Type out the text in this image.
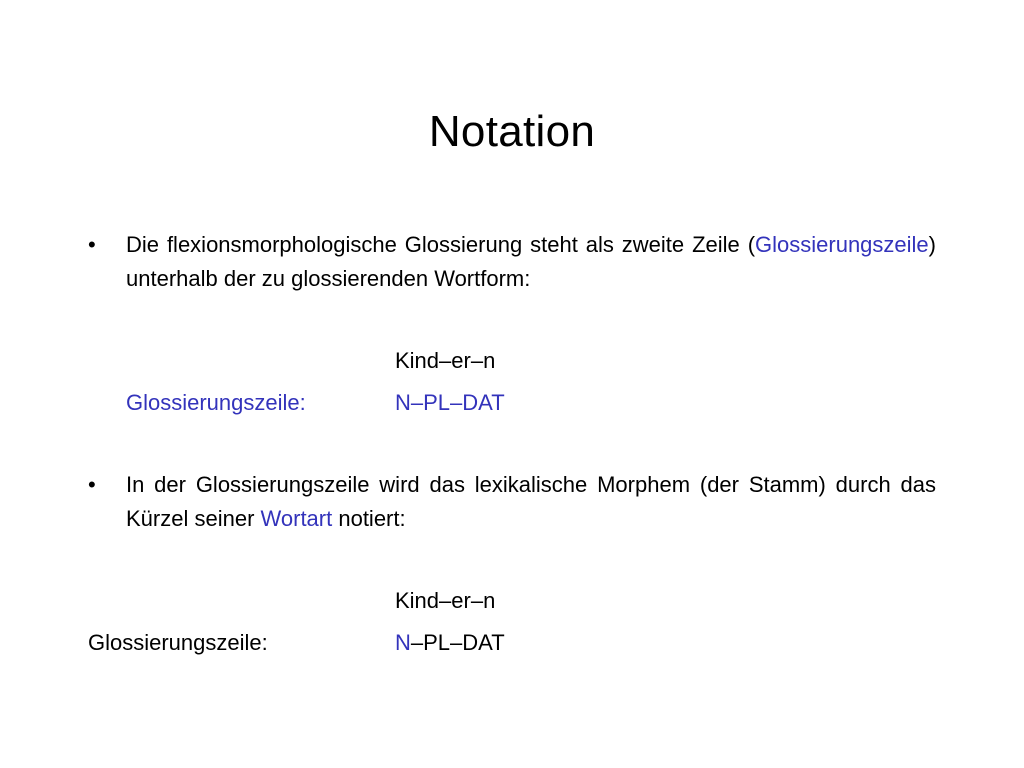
Notation
•	Die flexionsmorphologische Glossierung steht als zweite Zeile (Glossierungszeile) unterhalb der zu glossierenden Wortform:
Kind–er–n
Glossierungszeile:	N–PL–DAT
•	In der Glossierungszeile wird das lexikalische Morphem (der Stamm) durch das Kürzel seiner Wortart notiert:
Kind–er–n
Glossierungszeile:	N–PL–DAT
